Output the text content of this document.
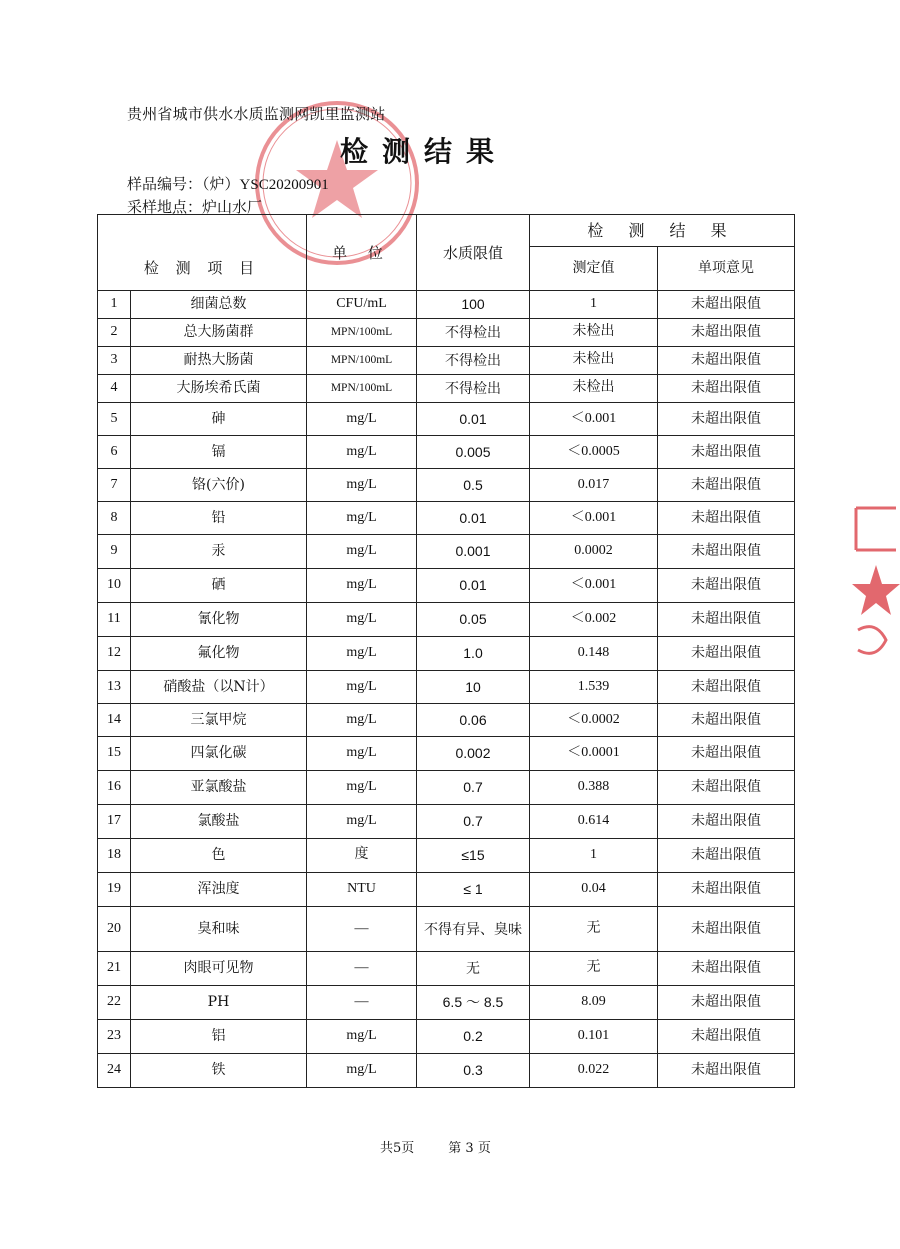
贵州省城市供水水质监测网凯里监测站
检测结果
样品编号：（炉）YSC20200901
采样地点：炉山水厂
检 测 项 目		单 位	水质限值	检 测 结 果	
				测定值	单项意见
1	细菌总数	CFU/mL	100	1	未超出限值
2	总大肠菌群	MPN/100mL	不得检出	未检出	未超出限值
3	耐热大肠菌	MPN/100mL	不得检出	未检出	未超出限值
4	大肠埃希氏菌	MPN/100mL	不得检出	未检出	未超出限值
5	砷	mg/L	0.01	＜0.001	未超出限值
6	镉	mg/L	0.005	＜0.0005	未超出限值
7	铬(六价)	mg/L	0.5	0.017	未超出限值
8	铅	mg/L	0.01	＜0.001	未超出限值
9	汞	mg/L	0.001	0.0002	未超出限值
10	硒	mg/L	0.01	＜0.001	未超出限值
11	氰化物	mg/L	0.05	＜0.002	未超出限值
12	氟化物	mg/L	1.0	0.148	未超出限值
13	硝酸盐（以N计）	mg/L	10	1.539	未超出限值
14	三氯甲烷	mg/L	0.06	＜0.0002	未超出限值
15	四氯化碳	mg/L	0.002	＜0.0001	未超出限值
16	亚氯酸盐	mg/L	0.7	0.388	未超出限值
17	氯酸盐	mg/L	0.7	0.614	未超出限值
18	色	度	≤15	1	未超出限值
19	浑浊度	NTU	≤ 1	0.04	未超出限值
20	臭和味	—	不得有异、臭味	无	未超出限值
21	肉眼可见物	—	无	无	未超出限值
22	PH	—	6.5 ～ 8.5	8.09	未超出限值
23	铝	mg/L	0.2	0.101	未超出限值
24	铁	mg/L	0.3	0.022	未超出限值
共5页	第 3 页
